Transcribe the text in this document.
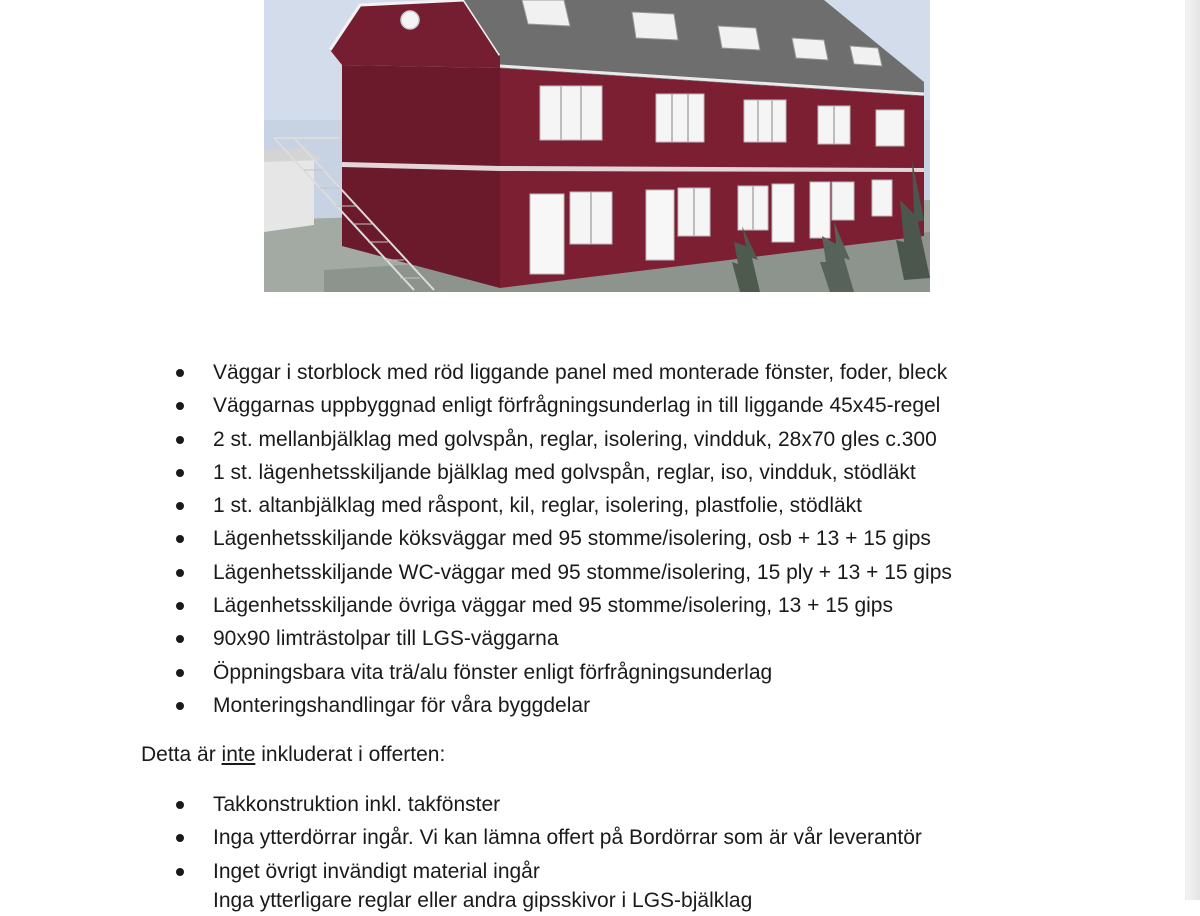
Väggar i storblock med röd liggande panel med monterade fönster, foder, bleck
Väggarnas uppbyggnad enligt förfrågningsunderlag in till liggande 45x45-regel
2 st. mellanbjälklag med golvspån, reglar, isolering, vindduk, 28x70 gles c.300
1 st. lägenhetsskiljande bjälklag med golvspån, reglar, iso, vindduk, stödläkt
1 st. altanbjälklag med råspont, kil, reglar, isolering, plastfolie, stödläkt
Lägenhetsskiljande köksväggar med 95 stomme/isolering, osb + 13 + 15 gips
Lägenhetsskiljande WC-väggar med 95 stomme/isolering, 15 ply + 13 + 15 gips
Lägenhetsskiljande övriga väggar med 95 stomme/isolering, 13 + 15 gips
90x90 limträstolpar till LGS-väggarna
Öppningsbara vita trä/alu fönster enligt förfrågningsunderlag
Monteringshandlingar för våra byggdelar
Detta är inte inkluderat i offerten:
Takkonstruktion inkl. takfönster
Inga ytterdörrar ingår. Vi kan lämna offert på Bordörrar som är vår leverantör
Inget övrigt invändigt material ingår
Inga ytterligare reglar eller andra gipsskivor i LGS-bjälklag
